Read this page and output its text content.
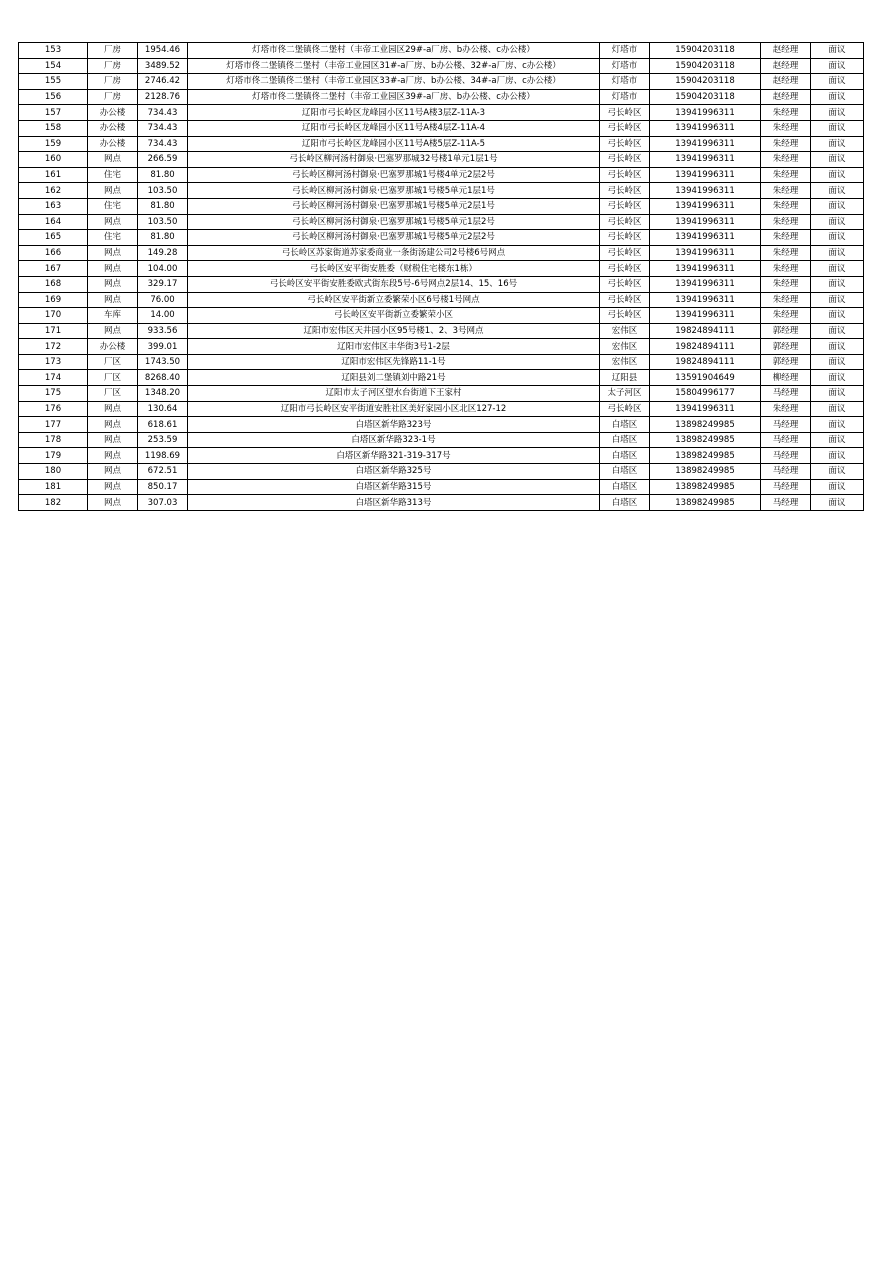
153	厂房	1954.46	灯塔市佟二堡镇佟二堡村（丰帝工业园区29#-a厂房、b办公楼、c办公楼）	灯塔市	15904203118	赵经理	面议
154	厂房	3489.52	灯塔市佟二堡镇佟二堡村（丰帝工业园区31#-a厂房、b办公楼、32#-a厂房、c办公楼）	灯塔市	15904203118	赵经理	面议
155	厂房	2746.42	灯塔市佟二堡镇佟二堡村（丰帝工业园区33#-a厂房、b办公楼、34#-a厂房、c办公楼）	灯塔市	15904203118	赵经理	面议
156	厂房	2128.76	灯塔市佟二堡镇佟二堡村（丰帝工业园区39#-a厂房、b办公楼、c办公楼）	灯塔市	15904203118	赵经理	面议
157	办公楼	734.43	辽阳市弓长岭区龙峰园小区11号A楼3层Z-11A-3	弓长岭区	13941996311	朱经理	面议
158	办公楼	734.43	辽阳市弓长岭区龙峰园小区11号A楼4层Z-11A-4	弓长岭区	13941996311	朱经理	面议
159	办公楼	734.43	辽阳市弓长岭区龙峰园小区11号A楼5层Z-11A-5	弓长岭区	13941996311	朱经理	面议
160	网点	266.59	弓长岭区柳河汤村御泉·巴塞罗那城32号楼1单元1层1号	弓长岭区	13941996311	朱经理	面议
161	住宅	81.80	弓长岭区柳河汤村御泉·巴塞罗那城1号楼4单元2层2号	弓长岭区	13941996311	朱经理	面议
162	网点	103.50	弓长岭区柳河汤村御泉·巴塞罗那城1号楼5单元1层1号	弓长岭区	13941996311	朱经理	面议
163	住宅	81.80	弓长岭区柳河汤村御泉·巴塞罗那城1号楼5单元2层1号	弓长岭区	13941996311	朱经理	面议
164	网点	103.50	弓长岭区柳河汤村御泉·巴塞罗那城1号楼5单元1层2号	弓长岭区	13941996311	朱经理	面议
165	住宅	81.80	弓长岭区柳河汤村御泉·巴塞罗那城1号楼5单元2层2号	弓长岭区	13941996311	朱经理	面议
166	网点	149.28	弓长岭区苏家街道苏家委商业一条街汤建公司2号楼6号网点	弓长岭区	13941996311	朱经理	面议
167	网点	104.00	弓长岭区安平街安胜委（财税住宅楼东1栋）	弓长岭区	13941996311	朱经理	面议
168	网点	329.17	弓长岭区安平街安胜委欧式街东段5号-6号网点2层14、15、16号	弓长岭区	13941996311	朱经理	面议
169	网点	76.00	弓长岭区安平街新立委繁荣小区6号楼1号网点	弓长岭区	13941996311	朱经理	面议
170	车库	14.00	弓长岭区安平街新立委繁荣小区	弓长岭区	13941996311	朱经理	面议
171	网点	933.56	辽阳市宏伟区天井园小区95号楼1、2、3号网点	宏伟区	19824894111	郭经理	面议
172	办公楼	399.01	辽阳市宏伟区丰华街3号1-2层	宏伟区	19824894111	郭经理	面议
173	厂区	1743.50	辽阳市宏伟区先锋路11-1号	宏伟区	19824894111	郭经理	面议
174	厂区	8268.40	辽阳县刘二堡镇刘中路21号	辽阳县	13591904649	柳经理	面议
175	厂区	1348.20	辽阳市太子河区望水台街道下王家村	太子河区	15804996177	马经理	面议
176	网点	130.64	辽阳市弓长岭区安平街道安胜社区美好家园小区北区127-12	弓长岭区	13941996311	朱经理	面议
177	网点	618.61	白塔区新华路323号	白塔区	13898249985	马经理	面议
178	网点	253.59	白塔区新华路323-1号	白塔区	13898249985	马经理	面议
179	网点	1198.69	白塔区新华路321-319-317号	白塔区	13898249985	马经理	面议
180	网点	672.51	白塔区新华路325号	白塔区	13898249985	马经理	面议
181	网点	850.17	白塔区新华路315号	白塔区	13898249985	马经理	面议
182	网点	307.03	白塔区新华路313号	白塔区	13898249985	马经理	面议
